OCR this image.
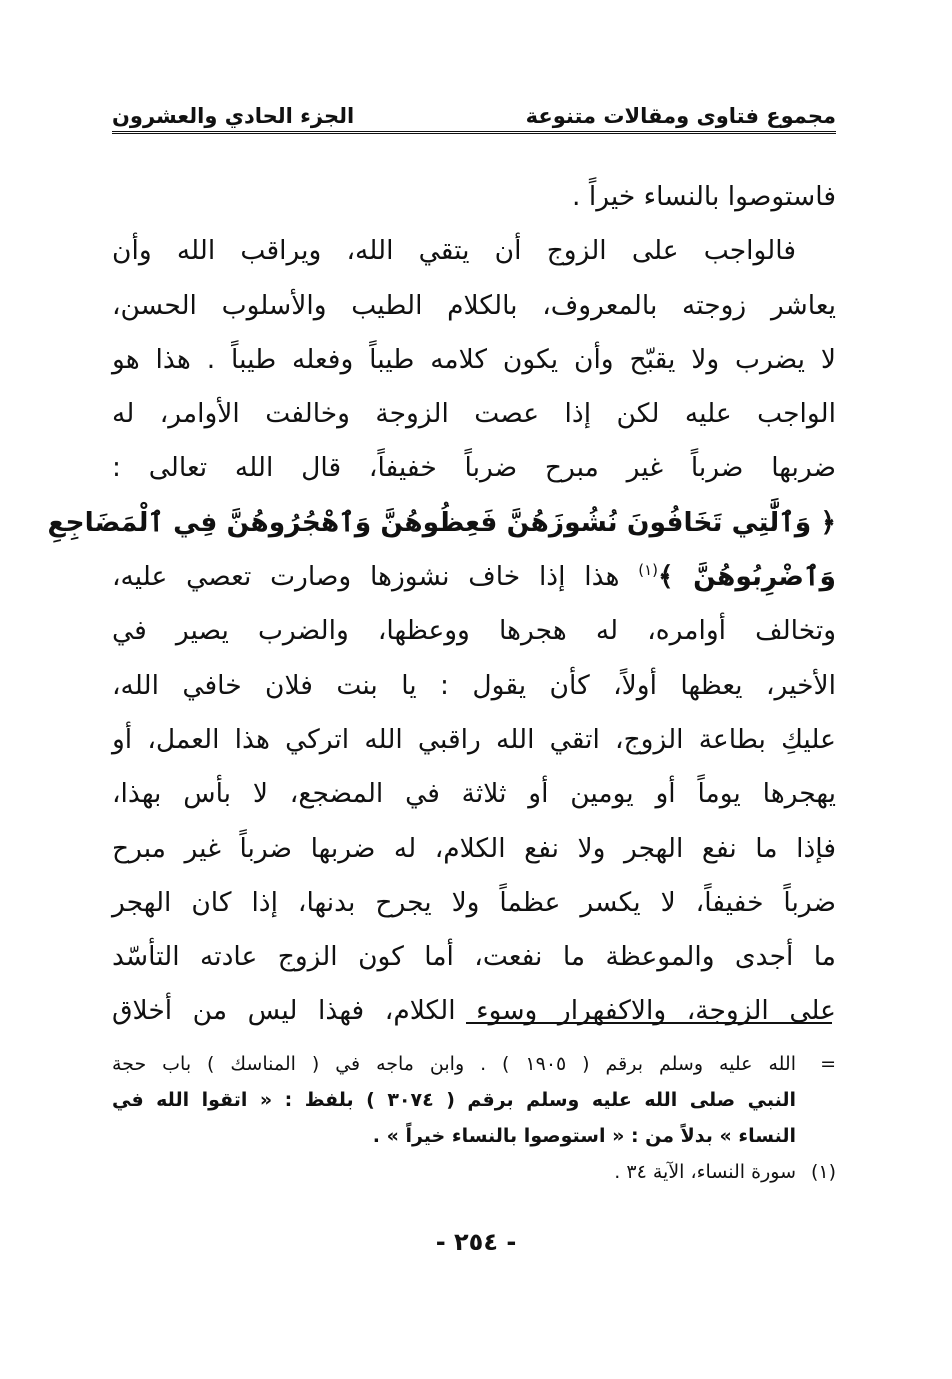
مجموع فتاوى ومقالات متنوعة
الجزء الحادي والعشرون
فاستوصوا بالنساء خيراً .
فالواجب على الزوج أن يتقي الله، ويراقب الله وأن
يعاشر زوجته بالمعروف، بالكلام الطيب والأسلوب الحسن،
لا يضرب ولا يقبّح وأن يكون كلامه طيباً وفعله طيباً . هذا هو
الواجب عليه لكن إذا عصت الزوجة وخالفت الأوامر، له
ضربها ضرباً غير مبرح ضرباً خفيفاً، قال الله تعالى :
﴿ وَٱلَّٰتِي تَخَافُونَ نُشُوزَهُنَّ فَعِظُوهُنَّ وَٱهْجُرُوهُنَّ فِي ٱلْمَضَاجِعِ
وَٱضْرِبُوهُنَّ ﴾$^{(١)}$ هذا إذا خاف نشوزها وصارت تعصي عليه،
وتخالف أوامره، له هجرها ووعظها، والضرب يصير في
الأخير، يعظها أولاً، كأن يقول : يا بنت فلان خافي الله،
عليكِ بطاعة الزوج، اتقي الله راقبي الله اتركي هذا العمل، أو
يهجرها يوماً أو يومين أو ثلاثة في المضجع، لا بأس بهذا،
فإذا ما نفع الهجر ولا نفع الكلام، له ضربها ضرباً غير مبرح
ضرباً خفيفاً، لا يكسر عظماً ولا يجرح بدنها، إذا كان الهجر
ما أجدى والموعظة ما نفعت، أما كون الزوج عادته التأسّد
على الزوجة، والاكفهرار وسوء الكلام، فهذا ليس من أخلاق
=
الله عليه وسلم برقم ( ١٩٠٥ ) . وابن ماجه في ( المناسك ) باب حجة
النبي صلى الله عليه وسلم برقم ( ٣٠٧٤ ) بلفظ : « اتقوا الله في
النساء » بدلاً من : « استوصوا بالنساء خيراً » .
(١)سورة النساء، الآية ٣٤ .
- ٢٥٤ -
